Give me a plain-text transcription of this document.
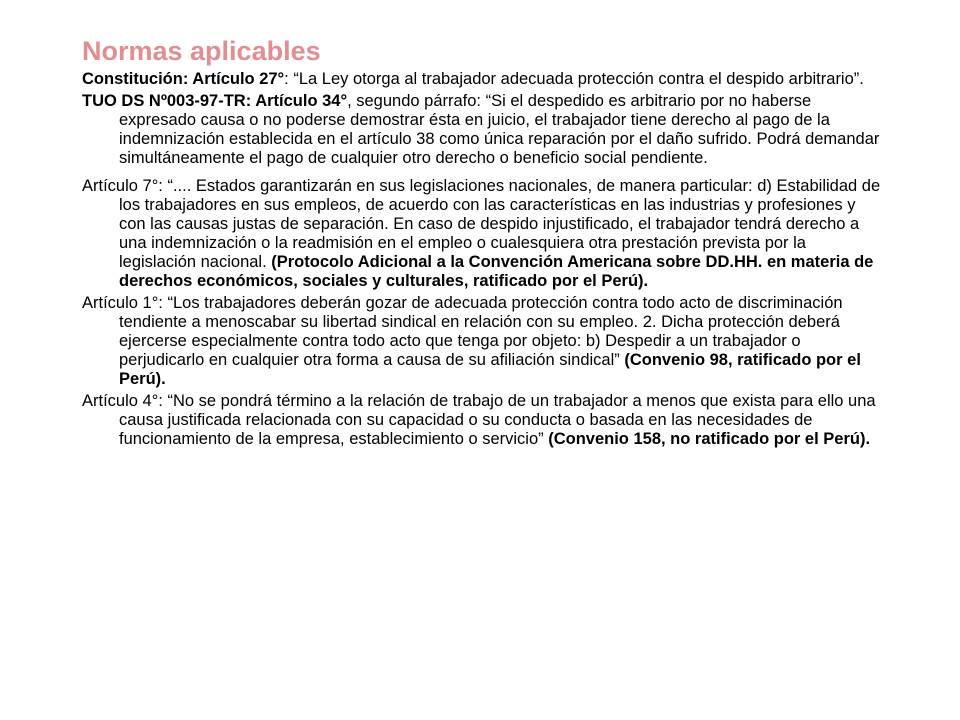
Normas aplicables

Constitución: Artículo 27°: “La Ley otorga al trabajador adecuada protección contra el despido arbitrario”.

TUO DS Nº003-97-TR: Artículo 34°, segundo párrafo: “Si el despedido es arbitrario por no haberse expresado causa o no poderse demostrar ésta en juicio, el trabajador tiene derecho al pago de la indemnización establecida en el artículo 38 como única reparación por el daño sufrido. Podrá demandar simultáneamente el pago de cualquier otro derecho o beneficio social pendiente.

Artículo 7°: “.... Estados garantizarán en sus legislaciones nacionales, de manera particular: d) Estabilidad de los trabajadores en sus empleos, de acuerdo con las características en las industrias y profesiones y con las causas justas de separación. En caso de despido injustificado, el trabajador tendrá derecho a una indemnización o la readmisión en el empleo o cualesquiera otra prestación prevista por la legislación nacional. (Protocolo Adicional a la Convención Americana sobre DD.HH. en materia de derechos económicos, sociales y culturales, ratificado por el Perú).

Artículo 1°: “Los trabajadores deberán gozar de adecuada protección contra todo acto de discriminación tendiente a menoscabar su libertad sindical en relación con su empleo. 2. Dicha protección deberá ejercerse especialmente contra todo acto que tenga por objeto: b) Despedir a un trabajador o perjudicarlo en cualquier otra forma a causa de su afiliación sindical” (Convenio 98, ratificado por el Perú).

Artículo 4°: “No se pondrá término a la relación de trabajo de un trabajador a menos que exista para ello una causa justificada relacionada con su capacidad o su conducta o basada en las necesidades de funcionamiento de la empresa, establecimiento o servicio” (Convenio 158, no ratificado por el Perú).
